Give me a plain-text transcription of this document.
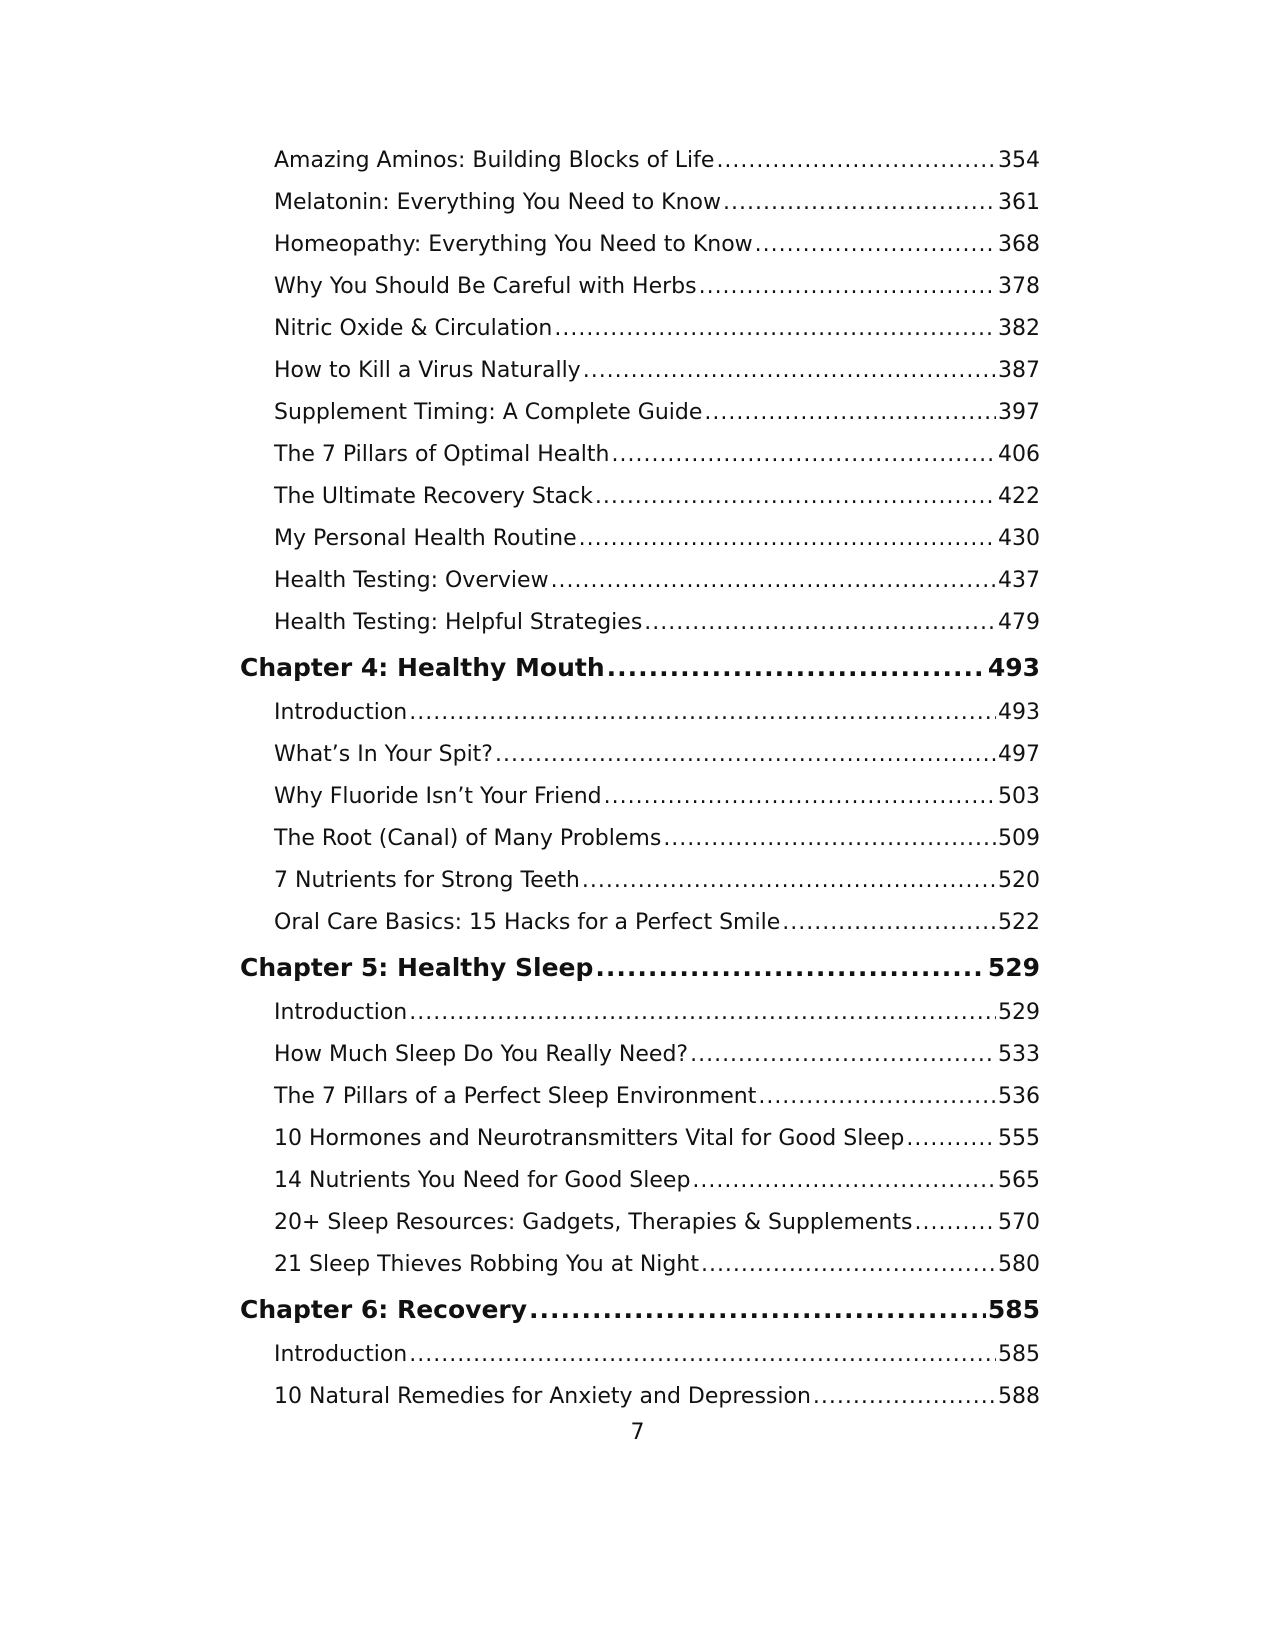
Amazing Aminos: Building Blocks of Life .....	354
Melatonin: Everything You Need to Know .....	361
Homeopathy: Everything You Need to Know .....	368
Why You Should Be Careful with Herbs .....	378
Nitric Oxide & Circulation .....	382
How to Kill a Virus Naturally .....	387
Supplement Timing: A Complete Guide .....	397
The 7 Pillars of Optimal Health .....	406
The Ultimate Recovery Stack .....	422
My Personal Health Routine .....	430
Health Testing: Overview .....	437
Health Testing: Helpful Strategies .....	479
Chapter 4: Healthy Mouth .....	493
Introduction .....	493
What’s In Your Spit? .....	497
Why Fluoride Isn’t Your Friend .....	503
The Root (Canal) of Many Problems .....	509
7 Nutrients for Strong Teeth .....	520
Oral Care Basics: 15 Hacks for a Perfect Smile .....	522
Chapter 5: Healthy Sleep .....	529
Introduction .....	529
How Much Sleep Do You Really Need? .....	533
The 7 Pillars of a Perfect Sleep Environment .....	536
10 Hormones and Neurotransmitters Vital for Good Sleep .....	555
14 Nutrients You Need for Good Sleep .....	565
20+ Sleep Resources: Gadgets, Therapies & Supplements .....	570
21 Sleep Thieves Robbing You at Night .....	580
Chapter 6: Recovery .....	585
Introduction .....	585
10 Natural Remedies for Anxiety and Depression .....	588
7
